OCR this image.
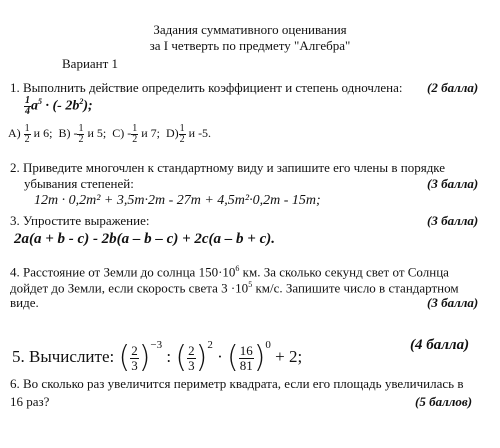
Задания суммативного оценивания
за I четверть по предмету "Алгебра"
Вариант 1
1. Выполнить действие определить коэффициент и степень одночлена: (2 балла)
$\frac{1}{4} a^5$ · (- $2b^2$);
$A) \frac{1}{2}$ и 6; $B) - \frac{1}{2}$ и 5; $C) - \frac{1}{2}$ и 7; $D) \frac{1}{2}$ и -5.
2. Приведите многочлен к стандартному виду и запишите его члены в порядке
убывания степеней:	(3 балла)
12m · 0,2m² + 3,5m·2m - 27m + 4,5m²·0,2m - 15m;
3. Упростите выражение:	(3 балла)
2a(a + b - c) - 2b(a – b – c) + 2c(a – b + c).
4. Расстояние от Земли до солнца $150\cdot 10^6$ км. За сколько секунд свет от Солнца
дойдет до Земли, если скорость света $3 \cdot 10^5$ км/с. Запишите число в стандартном
виде.	(3 балла)
5. Вычислите: ( $\frac{2}{3} )^{-3}$ : ( $\frac{2}{3} )^2$ · ( $\frac{16}{81} )^0 + 2$;
(4 балла)
6. Во сколько раз увеличится периметр квадрата, если его площадь увеличилась в
16 раз?	(5 баллов)
